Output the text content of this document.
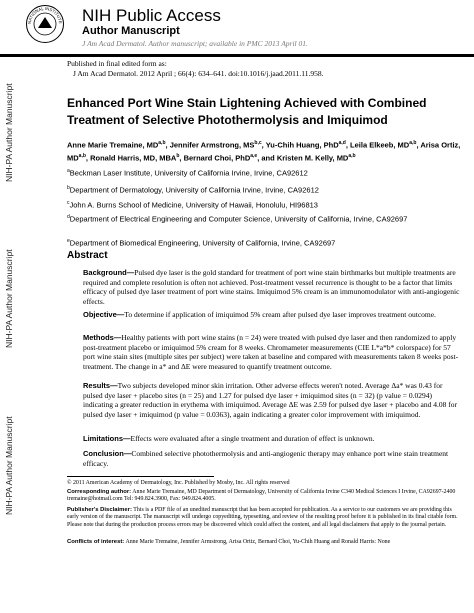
NATIONAL INSTITUTE NIH Public Access
Author Manuscript
J Am Acad Dermatol. Author manuscript; available in PMC 2013 April 01.
Published in final edited form as:
J Am Acad Dermatol. 2012 April ; 66(4): 634–641. doi:10.1016/j.jaad.2011.11.958.
NIH-PA Author Manuscript
NIH-PA Author Manuscript
NIH-PA Author Manuscript
Enhanced Port Wine Stain Lightening Achieved with Combined Treatment of Selective Photothermolysis and Imiquimod
Anne Marie Tremaine, MD$^{a,b}$, Jennifer Armstrong, MS$^{b,c}$, Yu-Chih Huang, PhD$^{a,d}$, Leila Elkeeb, MD$^{a,b}$, Arisa Ortiz, MD$^{a,b}$, Ronald Harris, MD, MBA$^b$, Bernard Choi, PhD$^{a,e}$, and Kristen M. Kelly, MD$^{a,b}$
$^a$Beckman Laser Institute, University of California Irvine, Irvine, CA92612
$^b$Department of Dermatology, University of California Irvine, Irvine, CA92612
$^c$John A. Burns School of Medicine, University of Hawaii, Honolulu, HI96813
$^d$Department of Electrical Engineering and Computer Science, University of California, Irvine, CA92697
$^e$Department of Biomedical Engineering, University of California, Irvine, CA92697
Abstract
Background—Pulsed dye laser is the gold standard for treatment of port wine stain birthmarks but multiple treatments are required and complete resolution is often not achieved. Post-treatment vessel recurrence is thought to be a factor that limits efficacy of pulsed dye laser treatment of port wine stains. Imiquimod 5% cream is an immunomodulator with anti-angiogenic effects.
Objective—To determine if application of imiquimod 5% cream after pulsed dye laser improves treatment outcome.
Methods—Healthy patients with port wine stains (n = 24) were treated with pulsed dye laser and then randomized to apply post-treatment placebo or imiquimod 5% cream for 8 weeks. Chromameter measurements (CIE L*a*b* colorspace) for 57 port wine stain sites (multiple sites per subject) were taken at baseline and compared with measurements taken 8 weeks post-treatment. The change in a* and ΔE were measured to quantify treatment outcome.
Results—Two subjects developed minor skin irritation. Other adverse effects weren't noted. Average Δa* was 0.43 for pulsed dye laser + placebo sites (n = 25) and 1.27 for pulsed dye laser + imiquimod sites (n = 32) (p value = 0.0294) indicating a greater reduction in erythema with imiquimod. Average ΔE was 2.59 for pulsed dye laser + placebo and 4.08 for pulsed dye laser + imiquimod (p value = 0.0363), again indicating a greater color improvement with imiquimod.
Limitations—Effects were evaluated after a single treatment and duration of effect is unknown.
Conclusion—Combined selective photothermolysis and anti-angiogenic therapy may enhance port wine stain treatment efficacy.
© 2011 American Academy of Dermatology, Inc. Published by Mosby, Inc. All rights reserved
Corresponding author: Anne Marie Tremaine, MD Department of Dermatology, University of California Irvine C340 Medical Sciences I Irvine, CA92697-2400 tremaine@hotmail.com Tel: 949.824.3900, Fax: 949.824.4005.
Publisher's Disclaimer: This is a PDF file of an unedited manuscript that has been accepted for publication. As a service to our customers we are providing this early version of the manuscript. The manuscript will undergo copyediting, typesetting, and review of the resulting proof before it is published in its final citable form. Please note that during the production process errors may be discovered which could affect the content, and all legal disclaimers that apply to the journal pertain.
Conflicts of interest: Anne Marie Tremaine, Jennifer Armstrong, Arisa Ortiz, Bernard Choi, Yu-Chih Huang and Ronald Harris: None
